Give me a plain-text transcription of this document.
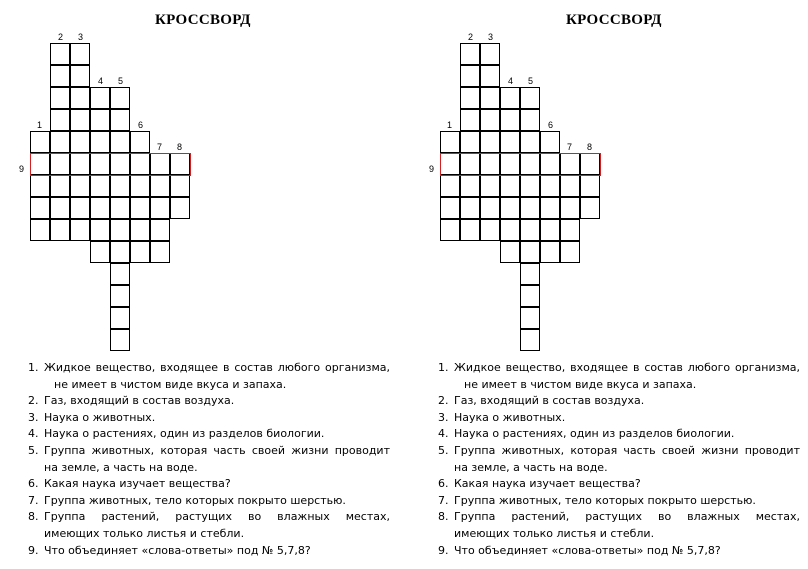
КРОССВОРД
1
2 3
4 5
6
7 8
9
1. Жидкое вещество, входящее в состав любого организма,
не имеет в чистом виде вкуса и запаха.
2. Газ, входящий в состав воздуха.
3. Наука о животных.
4. Наука о растениях, один из разделов биологии.
5. Группа животных, которая часть своей жизни проводит
на земле, а часть на воде.
6. Какая наука изучает вещества?
7. Группа животных, тело которых покрыто шерстью.
8. Группа растений, растущих во влажных местах,
имеющих только листья и стебли.
9. Что объединяет «слова-ответы» под № 5,7,8?
КРОССВОРД
1
2 3
4 5
6
7 8
9
1. Жидкое вещество, входящее в состав любого организма,
не имеет в чистом виде вкуса и запаха.
2. Газ, входящий в состав воздуха.
3. Наука о животных.
4. Наука о растениях, один из разделов биологии.
5. Группа животных, которая часть своей жизни проводит
на земле, а часть на воде.
6. Какая наука изучает вещества?
7. Группа животных, тело которых покрыто шерстью.
8. Группа растений, растущих во влажных местах,
имеющих только листья и стебли.
9. Что объединяет «слова-ответы» под № 5,7,8?
